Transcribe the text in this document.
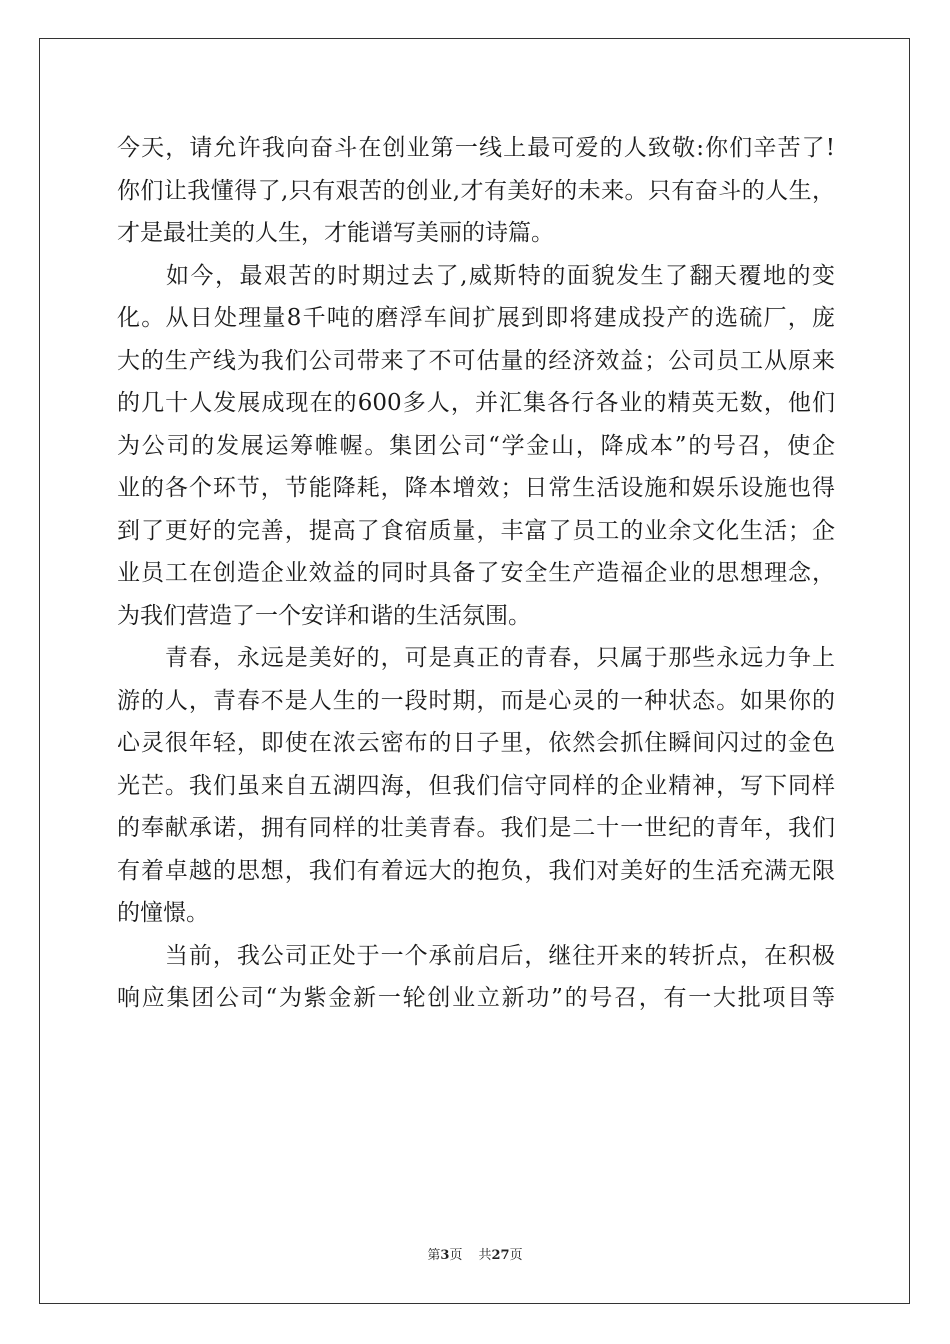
今天，请允许我向奋斗在创业第一线上最可爱的人致敬:你们辛苦了!
你们让我懂得了,只有艰苦的创业,才有美好的未来。只有奋斗的人生，
才是最壮美的人生，才能谱写美丽的诗篇。
　　如今，最艰苦的时期过去了,威斯特的面貌发生了翻天覆地的变
化。从日处理量8千吨的磨浮车间扩展到即将建成投产的选硫厂，庞
大的生产线为我们公司带来了不可估量的经济效益；公司员工从原来
的几十人发展成现在的600多人，并汇集各行各业的精英无数，他们
为公司的发展运筹帷幄。集团公司“学金山，降成本”的号召，使企
业的各个环节，节能降耗，降本增效；日常生活设施和娱乐设施也得
到了更好的完善，提高了食宿质量，丰富了员工的业余文化生活；企
业员工在创造企业效益的同时具备了安全生产造福企业的思想理念，
为我们营造了一个安详和谐的生活氛围。
　　青春，永远是美好的，可是真正的青春，只属于那些永远力争上
游的人，青春不是人生的一段时期，而是心灵的一种状态。如果你的
心灵很年轻，即使在浓云密布的日子里，依然会抓住瞬间闪过的金色
光芒。我们虽来自五湖四海，但我们信守同样的企业精神，写下同样
的奉献承诺，拥有同样的壮美青春。我们是二十一世纪的青年，我们
有着卓越的思想，我们有着远大的抱负，我们对美好的生活充满无限
的憧憬。
　　当前，我公司正处于一个承前启后，继往开来的转折点，在积极
响应集团公司“为紫金新一轮创业立新功”的号召，有一大批项目等
第3页 共27页
